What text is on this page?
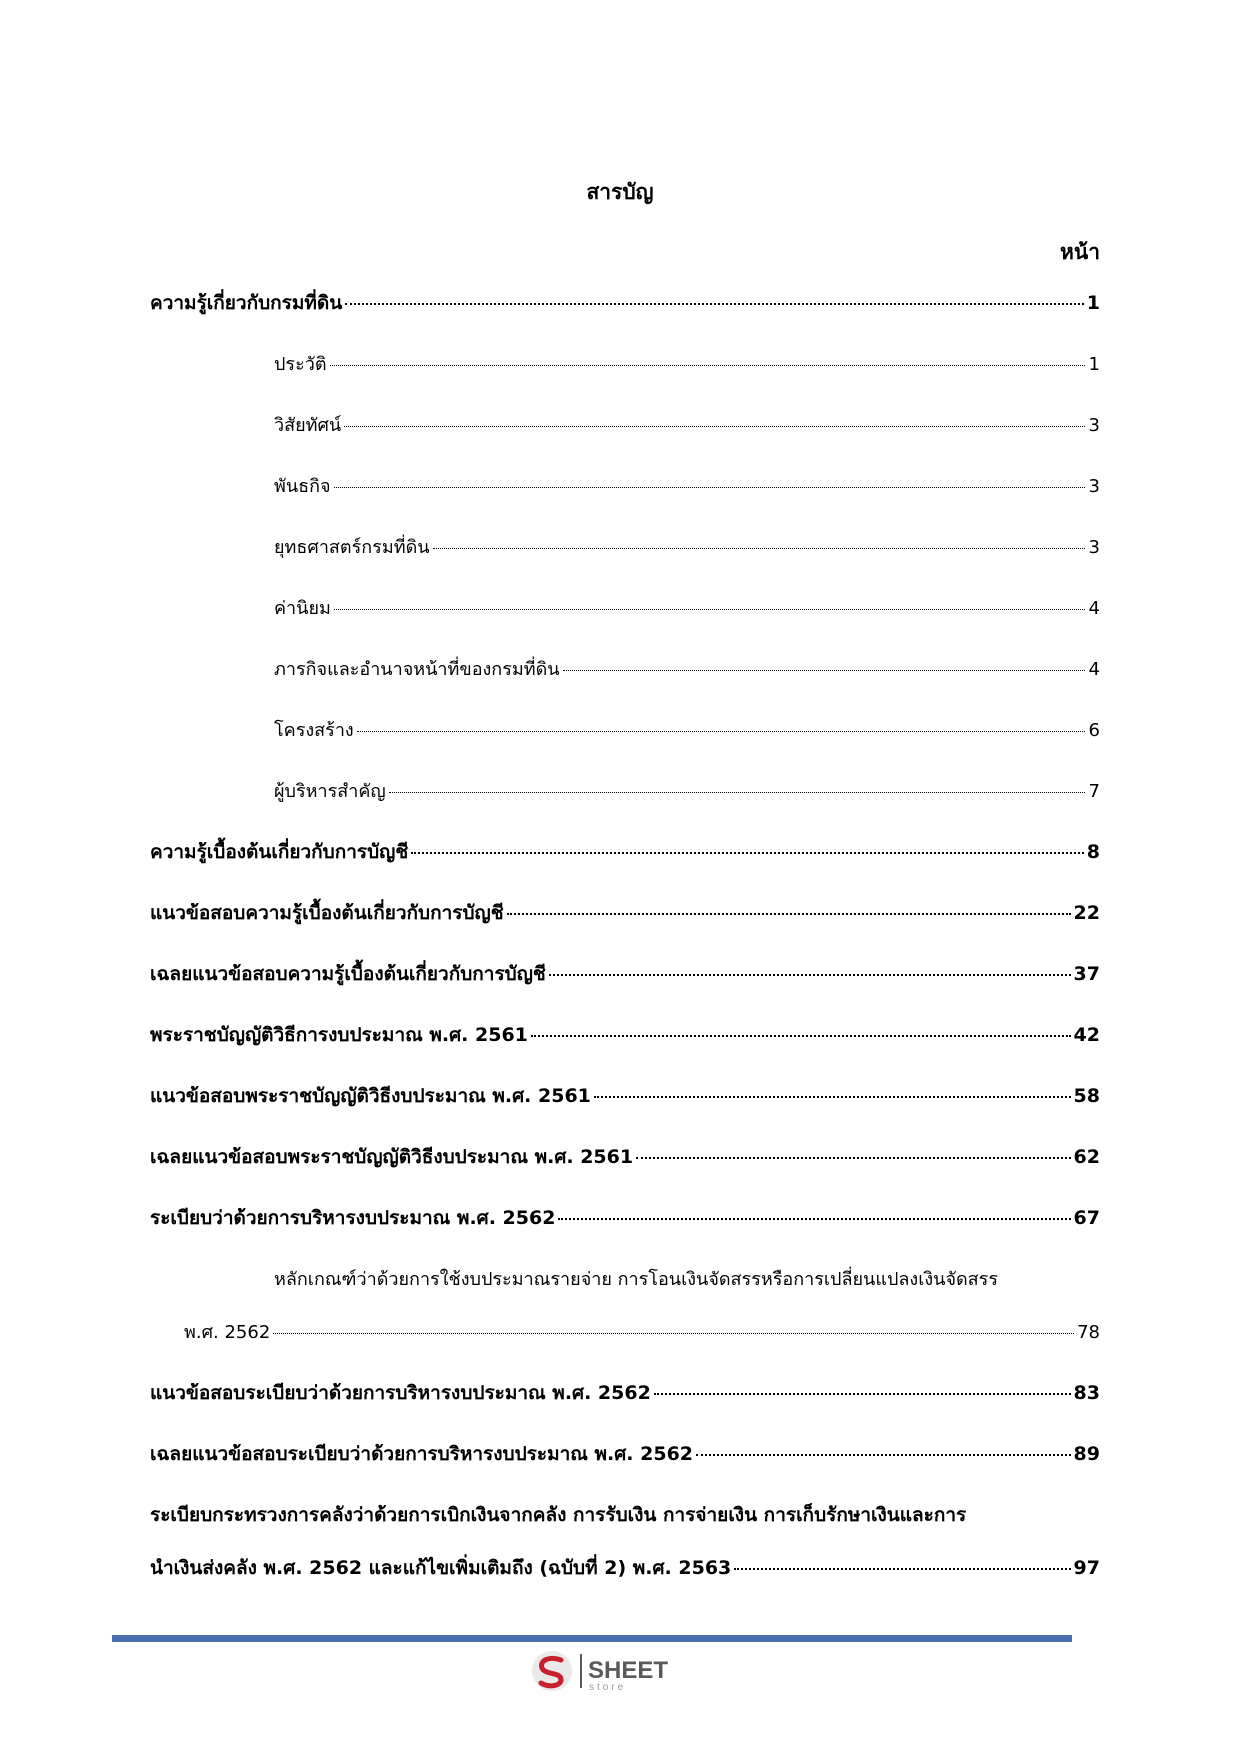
สารบัญ
หน้า
ความรู้เกี่ยวกับกรมที่ดิน	1
ประวัติ	1
วิสัยทัศน์	3
พันธกิจ	3
ยุทธศาสตร์กรมที่ดิน	3
ค่านิยม	4
ภารกิจและอำนาจหน้าที่ของกรมที่ดิน	4
โครงสร้าง	6
ผู้บริหารสำคัญ	7
ความรู้เบื้องต้นเกี่ยวกับการบัญชี	8
แนวข้อสอบความรู้เบื้องต้นเกี่ยวกับการบัญชี	22
เฉลยแนวข้อสอบความรู้เบื้องต้นเกี่ยวกับการบัญชี	37
พระราชบัญญัติวิธีการงบประมาณ พ.ศ. 2561	42
แนวข้อสอบพระราชบัญญัติวิธีงบประมาณ พ.ศ. 2561	58
เฉลยแนวข้อสอบพระราชบัญญัติวิธีงบประมาณ พ.ศ. 2561	62
ระเบียบว่าด้วยการบริหารงบประมาณ พ.ศ. 2562	67
หลักเกณฑ์ว่าด้วยการใช้งบประมาณรายจ่าย การโอนเงินจัดสรรหรือการเปลี่ยนแปลงเงินจัดสรร
พ.ศ. 2562	78
แนวข้อสอบระเบียบว่าด้วยการบริหารงบประมาณ พ.ศ. 2562	83
เฉลยแนวข้อสอบระเบียบว่าด้วยการบริหารงบประมาณ พ.ศ. 2562	89
ระเบียบกระทรวงการคลังว่าด้วยการเบิกเงินจากคลัง การรับเงิน การจ่ายเงิน การเก็บรักษาเงินและการ
นำเงินส่งคลัง พ.ศ. 2562 และแก้ไขเพิ่มเติมถึง (ฉบับที่ 2) พ.ศ. 2563	97
SHEET
store
